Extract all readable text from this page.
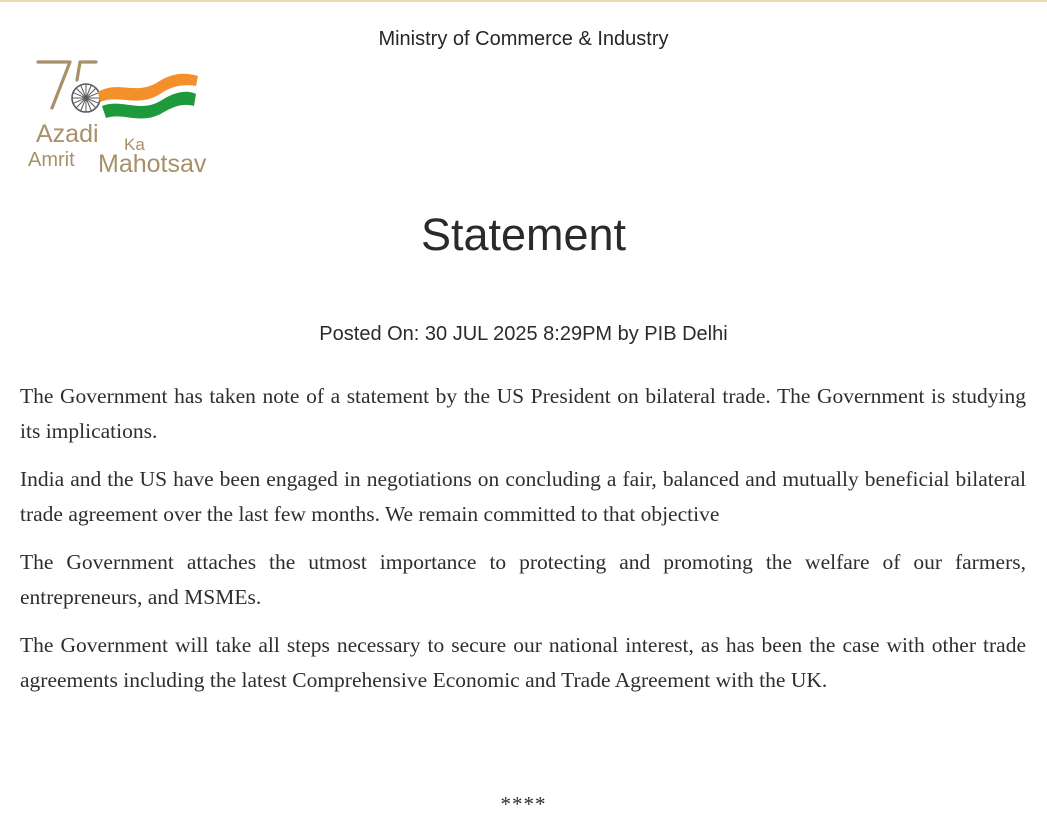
Ministry of Commerce & Industry
Azadi Ka
Amrit Mahotsav
Statement
Posted On: 30 JUL 2025 8:29PM by PIB Delhi

The Government has taken note of a statement by the US President on bilateral trade. The Government is studying its implications.

India and the US have been engaged in negotiations on concluding a fair, balanced and mutually beneficial bilateral trade agreement over the last few months. We remain committed to that objective

The Government attaches the utmost importance to protecting and promoting the welfare of our farmers, entrepreneurs, and MSMEs.

The Government will take all steps necessary to secure our national interest, as has been the case with other trade agreements including the latest Comprehensive Economic and Trade Agreement with the UK.

****
